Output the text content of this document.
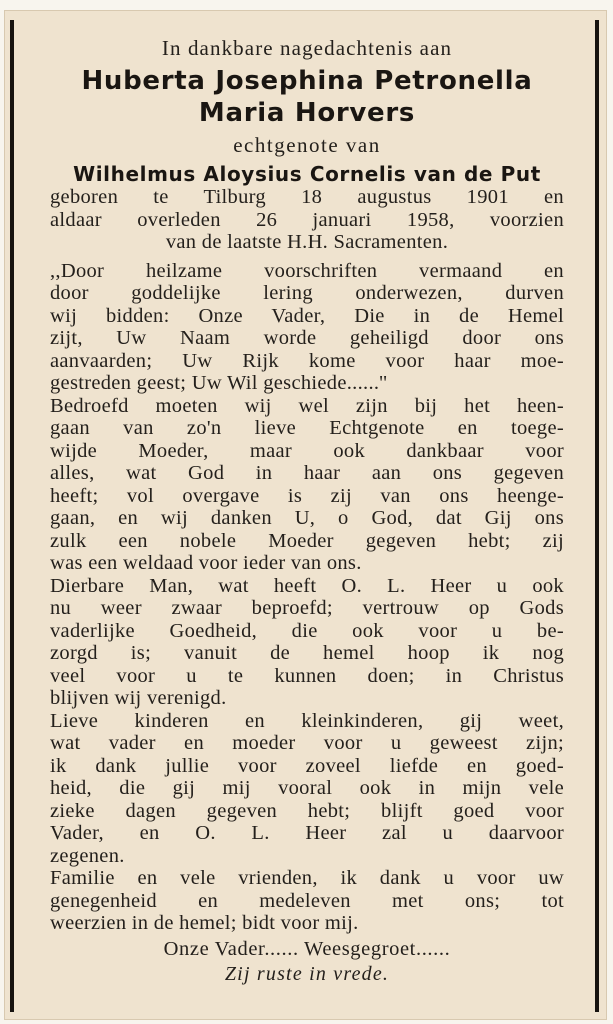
In dankbare nagedachtenis aan
Huberta Josephina Petronella
Maria Horvers
echtgenote van
Wilhelmus Aloysius Cornelis van de Put
geboren te Tilburg 18 augustus 1901 en
aldaar overleden 26 januari 1958, voorzien
van de laatste H.H. Sacramenten.
,,Door heilzame voorschriften vermaand en
door goddelijke lering onderwezen, durven
wij bidden: Onze Vader, Die in de Hemel
zijt, Uw Naam worde geheiligd door ons
aanvaarden; Uw Rijk kome voor haar moe-
gestreden geest; Uw Wil geschiede......''
Bedroefd moeten wij wel zijn bij het heen-
gaan van zo'n lieve Echtgenote en toege-
wijde Moeder, maar ook dankbaar voor
alles, wat God in haar aan ons gegeven
heeft; vol overgave is zij van ons heenge-
gaan, en wij danken U, o God, dat Gij ons
zulk een nobele Moeder gegeven hebt; zij
was een weldaad voor ieder van ons.
Dierbare Man, wat heeft O. L. Heer u ook
nu weer zwaar beproefd; vertrouw op Gods
vaderlijke Goedheid, die ook voor u be-
zorgd is; vanuit de hemel hoop ik nog
veel voor u te kunnen doen; in Christus
blijven wij verenigd.
Lieve kinderen en kleinkinderen, gij weet,
wat vader en moeder voor u geweest zijn;
ik dank jullie voor zoveel liefde en goed-
heid, die gij mij vooral ook in mijn vele
zieke dagen gegeven hebt; blijft goed voor
Vader, en O. L. Heer zal u daarvoor
zegenen.
Familie en vele vrienden, ik dank u voor uw
genegenheid en medeleven met ons; tot
weerzien in de hemel; bidt voor mij.
Onze Vader...... Weesgegroet......
Zij ruste in vrede.
